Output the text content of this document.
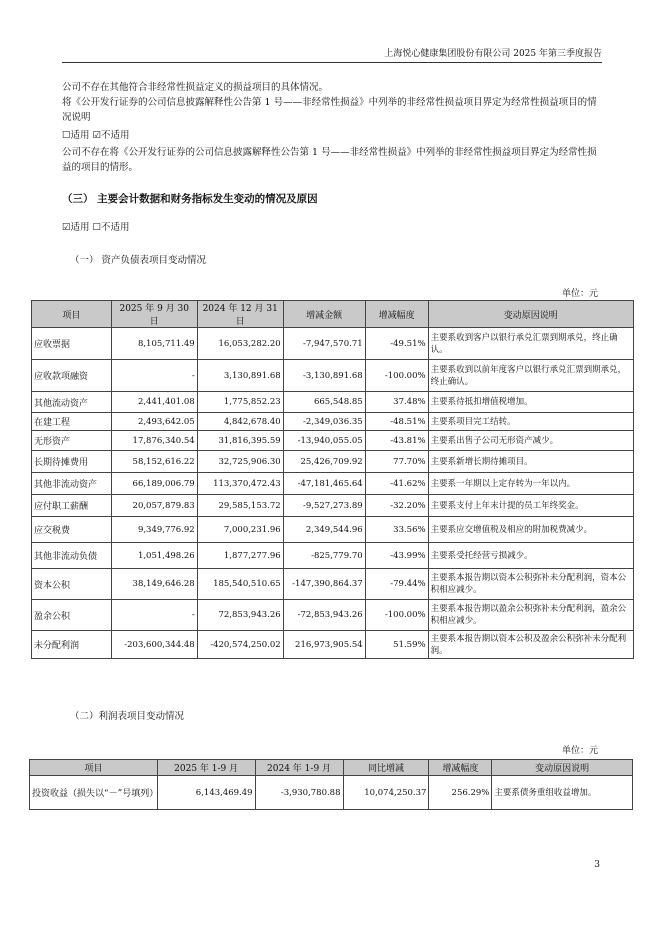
上海悦心健康集团股份有限公司 2025 年第三季度报告

公司不存在其他符合非经常性损益定义的损益项目的具体情况。

将《公开发行证券的公司信息披露解释性公告第 1 号——非经常性损益》中列举的非经常性损益项目界定为经常性损益项目的情况说明

☐适用 ☑不适用

公司不存在将《公开发行证券的公司信息披露解释性公告第 1 号——非经常性损益》中列举的非经常性损益项目界定为经常性损益的项目的情形。

（三） 主要会计数据和财务指标发生变动的情况及原因

☑适用 ☐不适用

（一） 资产负债表项目变动情况

单位：元
项目	2025 年 9 月 30 日	2024 年 12 月 31 日	增减金额	增减幅度	变动原因说明
应收票据	8,105,711.49	16,053,282.20	-7,947,570.71	-49.51%	主要系收到客户以银行承兑汇票到期承兑，终止确认。
应收款项融资	-	3,130,891.68	-3,130,891.68	-100.00%	主要系收到以前年度客户以银行承兑汇票到期承兑，终止确认。
其他流动资产	2,441,401.08	1,775,852.23	665,548.85	37.48%	主要系待抵扣增值税增加。
在建工程	2,493,642.05	4,842,678.40	-2,349,036.35	-48.51%	主要系项目完工结转。
无形资产	17,876,340.54	31,816,395.59	-13,940,055.05	-43.81%	主要系出售子公司无形资产减少。
长期待摊费用	58,152,616.22	32,725,906.30	25,426,709.92	77.70%	主要系新增长期待摊项目。
其他非流动资产	66,189,006.79	113,370,472.43	-47,181,465.64	-41.62%	主要系一年期以上定存转为一年以内。
应付职工薪酬	20,057,879.83	29,585,153.72	-9,527,273.89	-32.20%	主要系支付上年末计提的员工年终奖金。
应交税费	9,349,776.92	7,000,231.96	2,349,544.96	33.56%	主要系应交增值税及相应的附加税费减少。
其他非流动负债	1,051,498.26	1,877,277.96	-825,779.70	-43.99%	主要系受托经营亏损减少。
资本公积	38,149,646.28	185,540,510.65	-147,390,864.37	-79.44%	主要系本报告期以资本公积弥补未分配利润，资本公积相应减少。
盈余公积	-	72,853,943.26	-72,853,943.26	-100.00%	主要系本报告期以盈余公积弥补未分配利润，盈余公积相应减少。
未分配利润	-203,600,344.48	-420,574,250.02	216,973,905.54	51.59%	主要系本报告期以资本公积及盈余公积弥补未分配利润。

（二）利润表项目变动情况

单位：元
项目	2025 年 1-9 月	2024 年 1-9 月	同比增减	增减幅度	变动原因说明
投资收益（损失以“－”号填列）	6,143,469.49	-3,930,780.88	10,074,250.37	256.29%	主要系债务重组收益增加。
3
